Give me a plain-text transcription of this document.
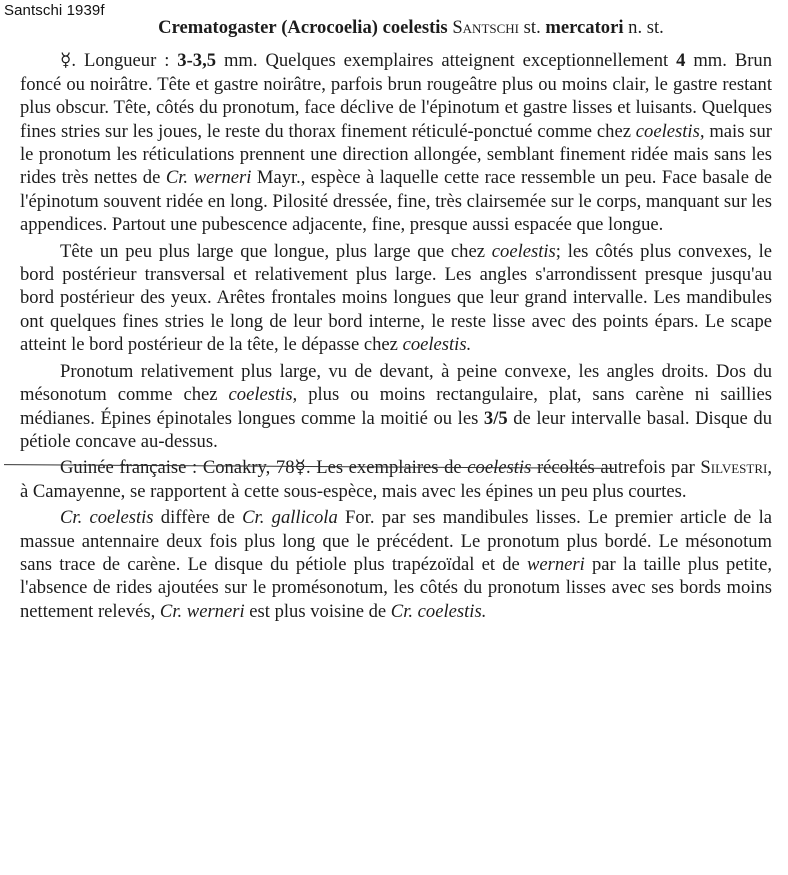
Santschi 1939f
Crematogaster (Acrocoelia) coelestis Santschi st. mercatori n. st.

☿. Longueur : 3-3,5 mm. Quelques exemplaires atteignent exceptionnellement 4 mm. Brun foncé ou noirâtre. Tête et gastre noirâtre, parfois brun rougeâtre plus ou moins clair, le gastre restant plus obscur. Tête, côtés du pronotum, face déclive de l'épinotum et gastre lisses et luisants. Quelques fines stries sur les joues, le reste du thorax finement réticulé-ponctué comme chez coelestis, mais sur le pronotum les réticulations prennent une direction allongée, semblant finement ridée mais sans les rides très nettes de Cr. werneri Mayr., espèce à laquelle cette race ressemble un peu. Face basale de l'épinotum souvent ridée en long. Pilosité dressée, fine, très clairsemée sur le corps, manquant sur les appendices. Partout une pubescence adjacente, fine, presque aussi espacée que longue.

Tête un peu plus large que longue, plus large que chez coelestis; les côtés plus convexes, le bord postérieur transversal et relativement plus large. Les angles s'arrondissent presque jusqu'au bord postérieur des yeux. Arêtes frontales moins longues que leur grand intervalle. Les mandibules ont quelques fines stries le long de leur bord interne, le reste lisse avec des points épars. Le scape atteint le bord postérieur de la tête, le dépasse chez coelestis.

Pronotum relativement plus large, vu de devant, à peine convexe, les angles droits. Dos du mésonotum comme chez coelestis, plus ou moins rectangulaire, plat, sans carène ni saillies médianes. Épines épinotales longues comme la moitié ou les 3/5 de leur intervalle basal. Disque du pétiole concave au-dessus.

Guinée française : Conakry, 78☿. Les exemplaires de coelestis récoltés autrefois par Silvestri, à Camayenne, se rapportent à cette sous-espèce, mais avec les épines un peu plus courtes.

Cr. coelestis diffère de Cr. gallicola For. par ses mandibules lisses. Le premier article de la massue antennaire deux fois plus long que le précédent. Le pronotum plus bordé. Le mésonotum sans trace de carène. Le disque du pétiole plus trapézoïdal et de werneri par la taille plus petite, l'absence de rides ajoutées sur le promésonotum, les côtés du pronotum lisses avec ses bords moins nettement relevés, Cr. werneri est plus voisine de Cr. coelestis.
